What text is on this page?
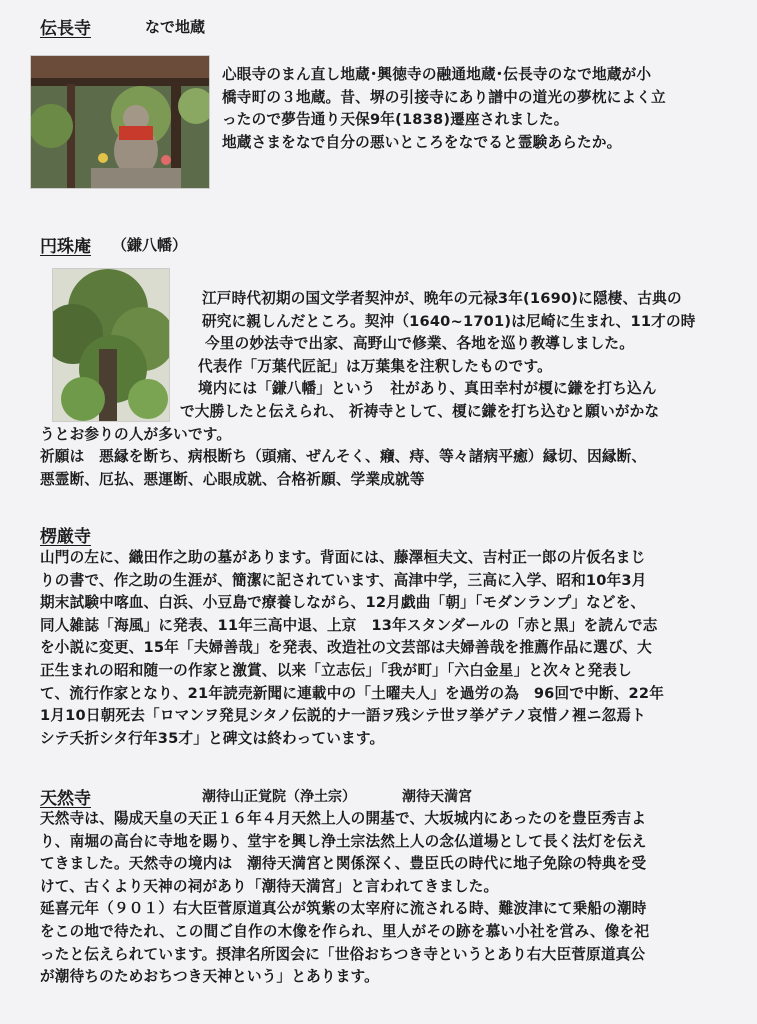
伝長寺	なで地蔵
心眼寺のまん直し地蔵･興徳寺の融通地蔵･伝長寺のなで地蔵が小
橋寺町の３地蔵。昔、堺の引接寺にあり譜中の道光の夢枕によく立
ったので夢告通り天保9年(1838)遷座されました。
地蔵さまをなで自分の悪いところをなでると霊験あらたか。
円珠庵 （鎌八幡）
江戸時代初期の国文学者契沖が、晩年の元禄3年(1690)に隠棲、古典の
研究に親しんだところ。契沖（1640~1701)は尼崎に生まれ、11才の時
今里の妙法寺で出家、高野山で修業、各地を巡り教導しました。
代表作「万葉代匠記」は万葉集を注釈したものです。
境内には「鎌八幡」という　社があり、真田幸村が榎に鎌を打ち込ん
で大勝したと伝えられ、 祈祷寺として、榎に鎌を打ち込むと願いがかな
うとお参りの人が多いです。
祈願は　悪縁を断ち、病根断ち（頭痛、ぜんそく、癪、痔、等々諸病平癒）縁切、因縁断、
悪霊断、厄払、悪運断、心眼成就、合格祈願、学業成就等
楞厳寺
山門の左に、織田作之助の墓があります。背面には、藤澤桓夫文、吉村正一郎の片仮名まじ
りの書で、作之助の生涯が、簡潔に記されています、高津中学，三高に入学、昭和10年3月
期末試験中喀血、白浜、小豆島で療養しながら、12月戯曲「朝」「モダンランプ」などを、
同人雑誌「海風」に発表、11年三高中退、上京　13年スタンダールの「赤と黒」を読んで志
を小説に変更、15年「夫婦善哉」を発表、改造社の文芸部は夫婦善哉を推薦作品に選び、大
正生まれの昭和随一の作家と激賞、以来「立志伝」「我が町」「六白金星」と次々と発表し
て、流行作家となり、21年読売新聞に連載中の「土曜夫人」を過労の為　96回で中断、22年
1月10日朝死去「ロマンヲ発見シタノ伝説的ナ一語ヲ残シテ世ヲ挙ゲテノ哀惜ノ裡ニ忽焉ト
シテ夭折シタ行年35才」と碑文は終わっています。
天然寺	潮待山正覚院（浄土宗）	潮待天満宮
天然寺は、陽成天皇の天正１６年４月天然上人の開基で、大坂城内にあったのを豊臣秀吉よ
り、南堀の高台に寺地を賜り、堂宇を興し浄土宗法然上人の念仏道場として長く法灯を伝え
てきました。天然寺の境内は　潮待天満宮と関係深く、豊臣氏の時代に地子免除の特典を受
けて、古くより天神の祠があり「潮待天満宮」と言われてきました。
延喜元年（９０１）右大臣菅原道真公が筑紫の太宰府に流される時、難波津にて乗船の潮時
をこの地で待たれ、この間ご自作の木像を作られ、里人がその跡を慕い小社を営み、像を祀
ったと伝えられています。摂津名所図会に「世俗おちつき寺というとあり右大臣菅原道真公
が潮待ちのためおちつき天神という」とあります。
